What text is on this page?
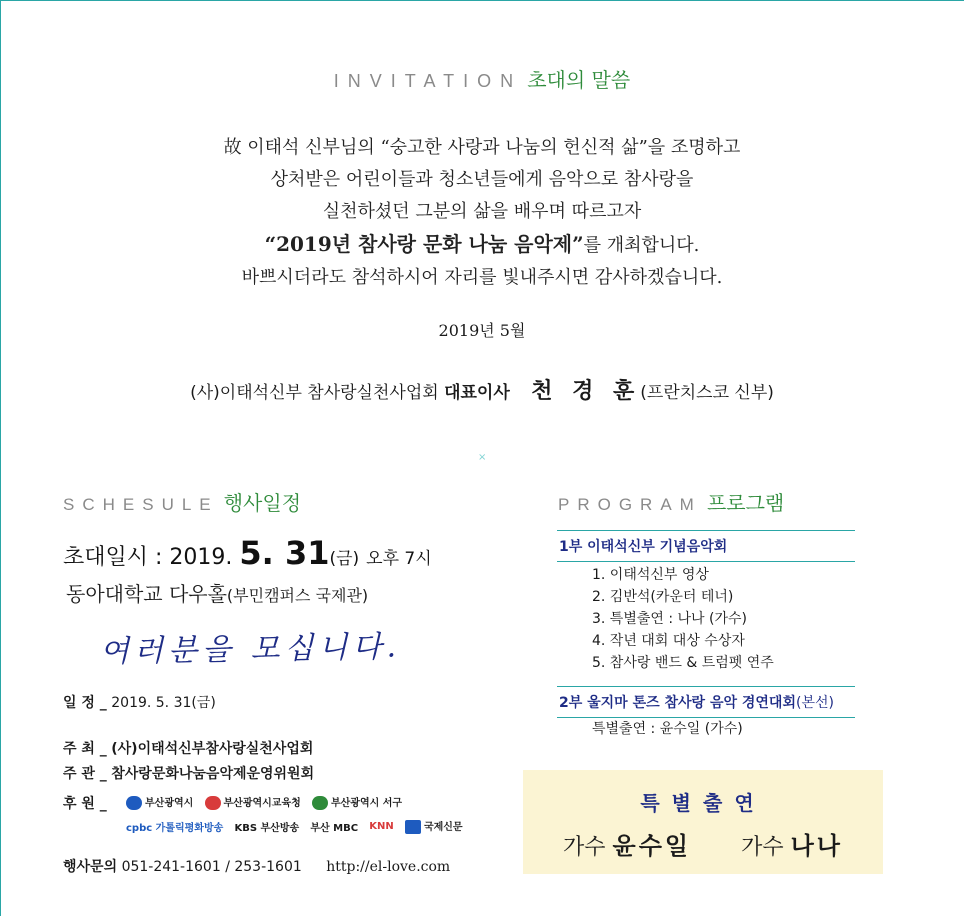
INVITATION 초대의 말씀
故 이태석 신부님의 “숭고한 사랑과 나눔의 헌신적 삶”을 조명하고
상처받은 어린이들과 청소년들에게 음악으로 참사랑을
실천하셨던 그분의 삶을 배우며 따르고자
“2019년 참사랑 문화 나눔 음악제”를 개최합니다.
바쁘시더라도 참석하시어 자리를 빛내주시면 감사하겠습니다.
2019년 5월
(사)이태석신부 참사랑실천사업회 대표이사 천 경 훈(프란치스코 신부)
×
SCHESULE 행사일정
초대일시 : 2019. 5. 31(금) 오후 7시
동아대학교 다우홀(부민캠퍼스 국제관)
여러분을 모십니다.
일 정 _ 2019. 5. 31(금)
주 최 _ (사)이태석신부참사랑실천사업회
주 관 _ 참사랑문화나눔음악제운영위원회
후 원 _	부산광역시	부산광역시교육청	부산광역시 서구 cpbc 가톨릭평화방송 KBS 부산방송 부산 MBC KNN	국제신문
행사문의 051-241-1601 / 253-1601 http://el-love.com
PROGRAM 프로그램
1부 이태석신부 기념음악회
1. 이태석신부 영상
2. 김반석(카운터 테너)
3. 특별출연 : 나나 (가수)
4. 작년 대회 대상 수상자
5. 참사랑 밴드 & 트럼펫 연주
2부 울지마 톤즈 참사랑 음악 경연대회(본선)
특별출연 : 윤수일 (가수)
특별출연
가수 윤수일 가수 나나
